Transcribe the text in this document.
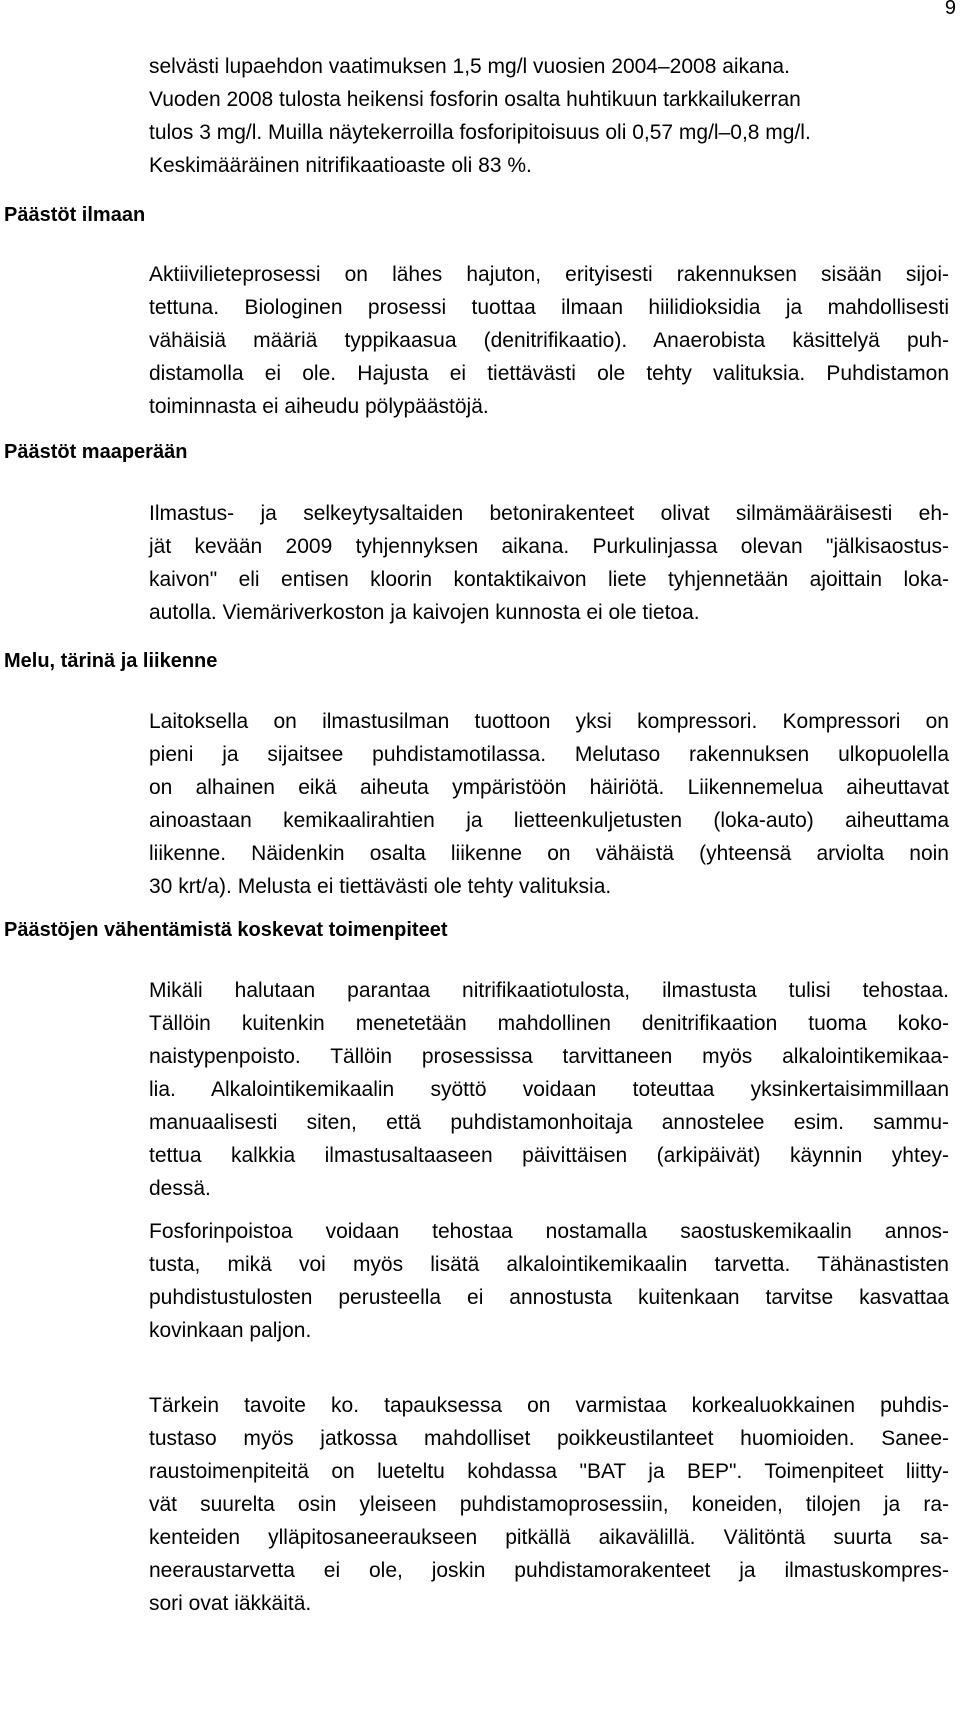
9
Päästöt ilmaan
Päästöt maaperään
Melu, tärinä ja liikenne
Päästöjen vähentämistä koskevat toimenpiteet
selvästi lupaehdon vaatimuksen 1,5 mg/l vuosien 2004–2008 aikana.
Vuoden 2008 tulosta heikensi fosforin osalta huhtikuun tarkkailukerran
tulos 3 mg/l. Muilla näytekerroilla fosforipitoisuus oli 0,57 mg/l–0,8 mg/l.
Keskimääräinen nitrifikaatioaste oli 83 %.
Aktiivilieteprosessi on lähes hajuton, erityisesti rakennuksen sisään sijoi-
tettuna. Biologinen prosessi tuottaa ilmaan hiilidioksidia ja mahdollisesti
vähäisiä määriä typpikaasua (denitrifikaatio). Anaerobista käsittelyä puh-
distamolla ei ole. Hajusta ei tiettävästi ole tehty valituksia. Puhdistamon
toiminnasta ei aiheudu pölypäästöjä.
Ilmastus- ja selkeytysaltaiden betonirakenteet olivat silmämääräisesti eh-
jät kevään 2009 tyhjennyksen aikana. Purkulinjassa olevan "jälkisaostus-
kaivon" eli entisen kloorin kontaktikaivon liete tyhjennetään ajoittain loka-
autolla. Viemäriverkoston ja kaivojen kunnosta ei ole tietoa.
Laitoksella on ilmastusilman tuottoon yksi kompressori. Kompressori on
pieni ja sijaitsee puhdistamotilassa. Melutaso rakennuksen ulkopuolella
on alhainen eikä aiheuta ympäristöön häiriötä. Liikennemelua aiheuttavat
ainoastaan kemikaalirahtien ja lietteenkuljetusten (loka-auto) aiheuttama
liikenne. Näidenkin osalta liikenne on vähäistä (yhteensä arviolta noin
30 krt/a). Melusta ei tiettävästi ole tehty valituksia.
Mikäli halutaan parantaa nitrifikaatiotulosta, ilmastusta tulisi tehostaa.
Tällöin kuitenkin menetetään mahdollinen denitrifikaation tuoma koko-
naistypenpoisto. Tällöin prosessissa tarvittaneen myös alkalointikemikaa-
lia. Alkalointikemikaalin syöttö voidaan toteuttaa yksinkertaisimmillaan
manuaalisesti siten, että puhdistamonhoitaja annostelee esim. sammu-
tettua kalkkia ilmastusaltaaseen päivittäisen (arkipäivät) käynnin yhtey-
dessä.
Fosforinpoistoa voidaan tehostaa nostamalla saostuskemikaalin annos-
tusta, mikä voi myös lisätä alkalointikemikaalin tarvetta. Tähänastisten
puhdistustulosten perusteella ei annostusta kuitenkaan tarvitse kasvattaa
kovinkaan paljon.
Tärkein tavoite ko. tapauksessa on varmistaa korkealuokkainen puhdis-
tustaso myös jatkossa mahdolliset poikkeustilanteet huomioiden. Sanee-
raustoimenpiteitä on lueteltu kohdassa "BAT ja BEP". Toimenpiteet liitty-
vät suurelta osin yleiseen puhdistamoprosessiin, koneiden, tilojen ja ra-
kenteiden ylläpitosaneeraukseen pitkällä aikavälillä. Välitöntä suurta sa-
neeraustarvetta ei ole, joskin puhdistamorakenteet ja ilmastuskompres-
sori ovat iäkkäitä.
